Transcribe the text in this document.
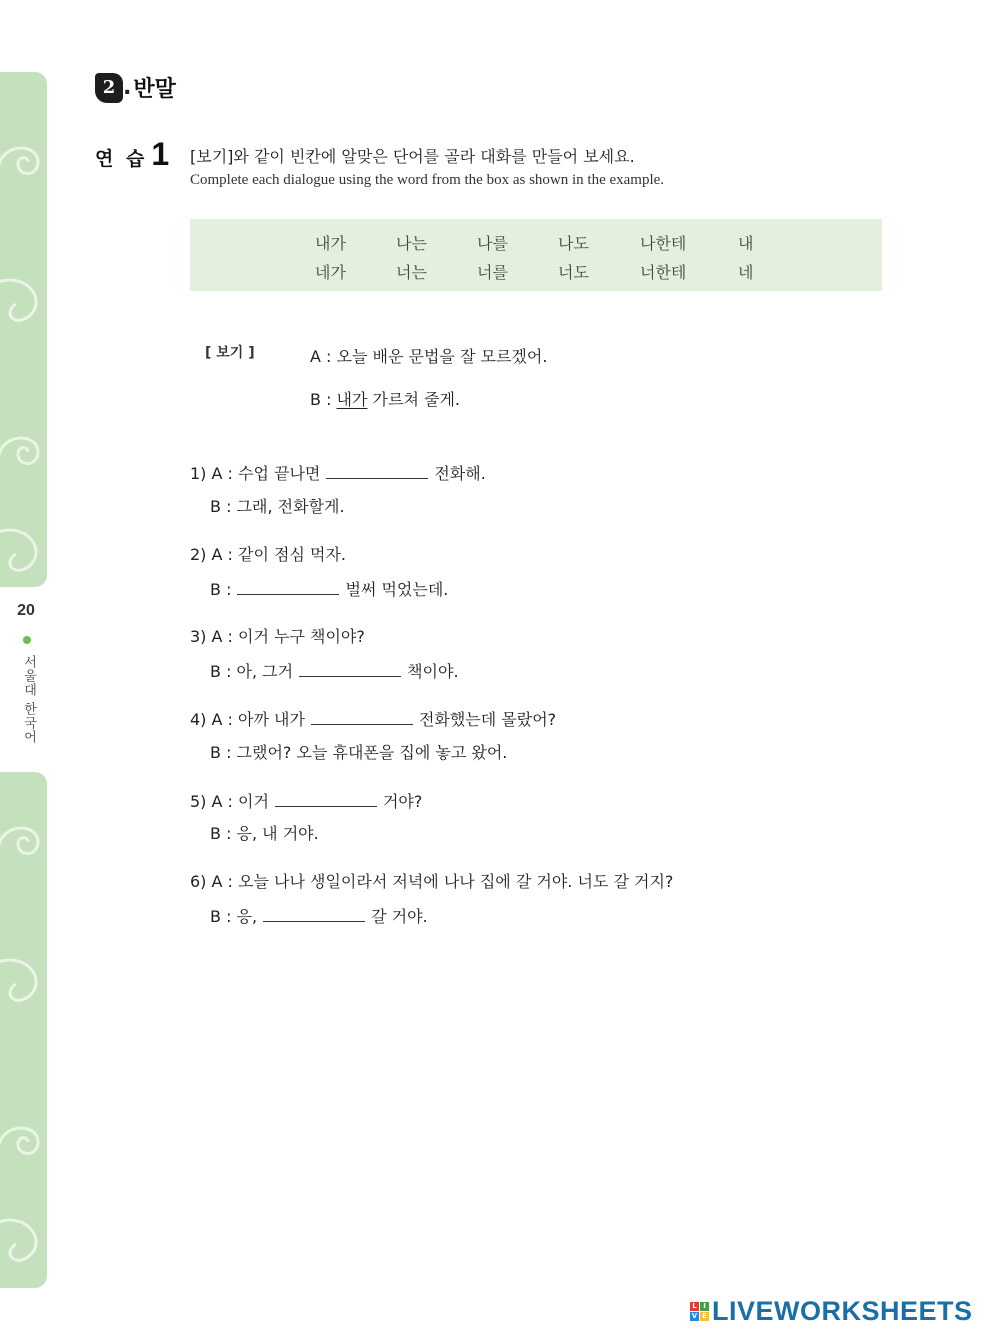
20
서울대 한국어
2 . 반말
연 습 1 [보기]와 같이 빈칸에 알맞은 단어를 골라 대화를 만들어 보세요.
Complete each dialogue using the word from the box as shown in the example.
내가	나는	나를	나도	나한테	내
네가	너는	너를	너도	너한테	네
[ 보기 ]	A : 오늘 배운 문법을 잘 모르겠어.
B : 내가 가르쳐 줄게.
1) A : 수업 끝나면	전화해.
B : 그래, 전화할게.
2) A : 같이 점심 먹자.
B :	벌써 먹었는데.
3) A : 이거 누구 책이야?
B : 아, 그거	책이야.
4) A : 아까 내가	전화했는데 몰랐어?
B : 그랬어? 오늘 휴대폰을 집에 놓고 왔어.
5) A : 이거	거야?
B : 응, 내 거야.
6) A : 오늘 나나 생일이라서 저녁에 나나 집에 갈 거야. 너도 갈 거지?
B : 응,	갈 거야.
L I
V E LIVEWORKSHEETS
